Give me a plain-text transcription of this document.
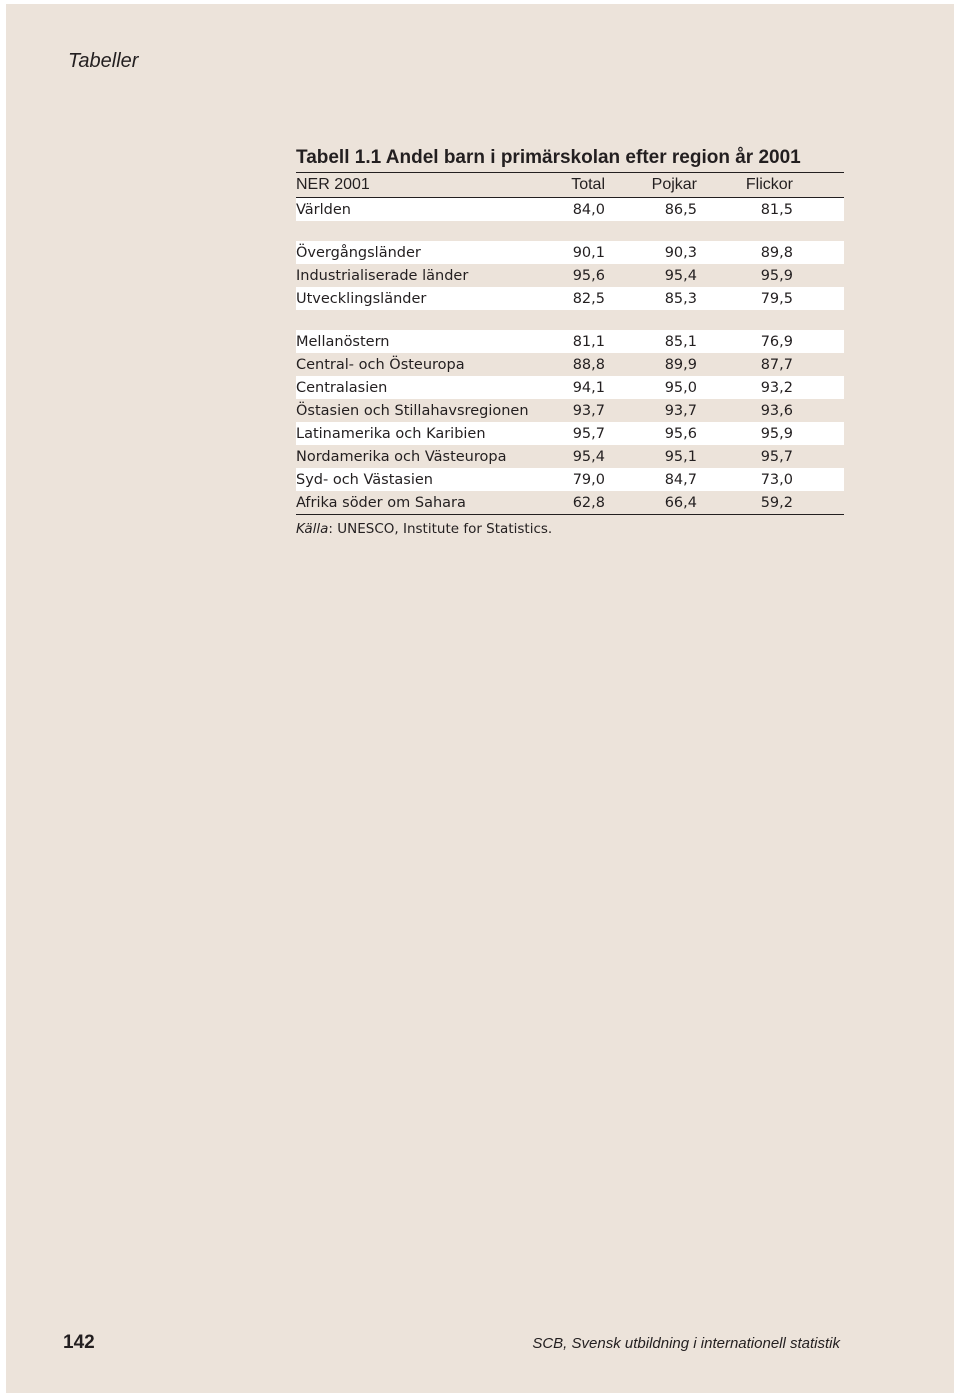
Tabeller
Tabell 1.1 Andel barn i primärskolan efter region år 2001
NER 2001	Total	Pojkar	Flickor
Världen	84,0	86,5	81,5
Övergångsländer	90,1	90,3	89,8
Industrialiserade länder	95,6	95,4	95,9
Utvecklingsländer	82,5	85,3	79,5
Mellanöstern	81,1	85,1	76,9
Central- och Östeuropa	88,8	89,9	87,7
Centralasien	94,1	95,0	93,2
Östasien och Stillahavsregionen	93,7	93,7	93,6
Latinamerika och Karibien	95,7	95,6	95,9
Nordamerika och Västeuropa	95,4	95,1	95,7
Syd- och Västasien	79,0	84,7	73,0
Afrika söder om Sahara	62,8	66,4	59,2
Källa: UNESCO, Institute for Statistics.
142	SCB, Svensk utbildning i internationell statistik
